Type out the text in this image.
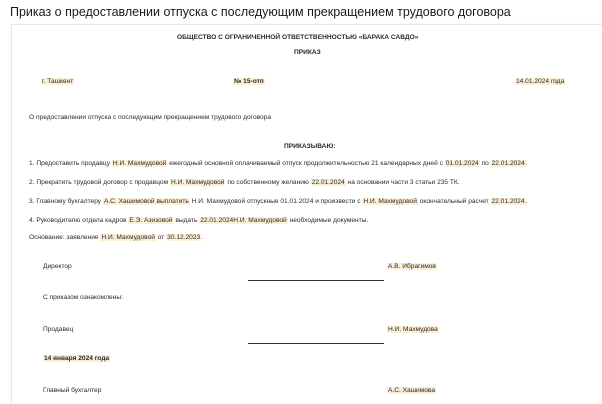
Приказ о предоставлении отпуска с последующим прекращением трудового договора
ОБЩЕСТВО С ОГРАНИЧЕННОЙ ОТВЕТСТВЕННОСТЬЮ «БАРАКА САВДО»
ПРИКАЗ
г. Ташкент	№ 15-отп	14.01.2024 года
О предоставлении отпуска с последующим прекращением трудового договора
ПРИКАЗЫВАЮ:
1. Предоставить продавцу Н.И. Махмудовой ежегодный основной оплачиваемый отпуск продолжительностью 21 календарных дней с 01.01.2024 по 22.01.2024.
2. Прекратить трудовой договор с продавцом Н.И. Махмудовой по собственному желанию 22.01.2024 на основании части 3 статьи 235 ТК.
3. Главному бухгалтеру А.С. Хашимовой выплатить Н.И. Махмудовой отпускные 01.01.2024 и произвести с Н.И. Махмудовой окончательный расчет 22.01.2024.
4. Руководителю отдела кадров Е.Э. Азизовой выдать 22.01.2024Н.И. Махмудовой необходимые документы.
Основание: заявление Н.И. Махмудовой от 30.12.2023.
Директор	А.В. Ибрагимов
С приказом ознакомлены:
Продавец	Н.И. Махмудова
14 января 2024 года
Главный бухгалтер	А.С. Хашимова
